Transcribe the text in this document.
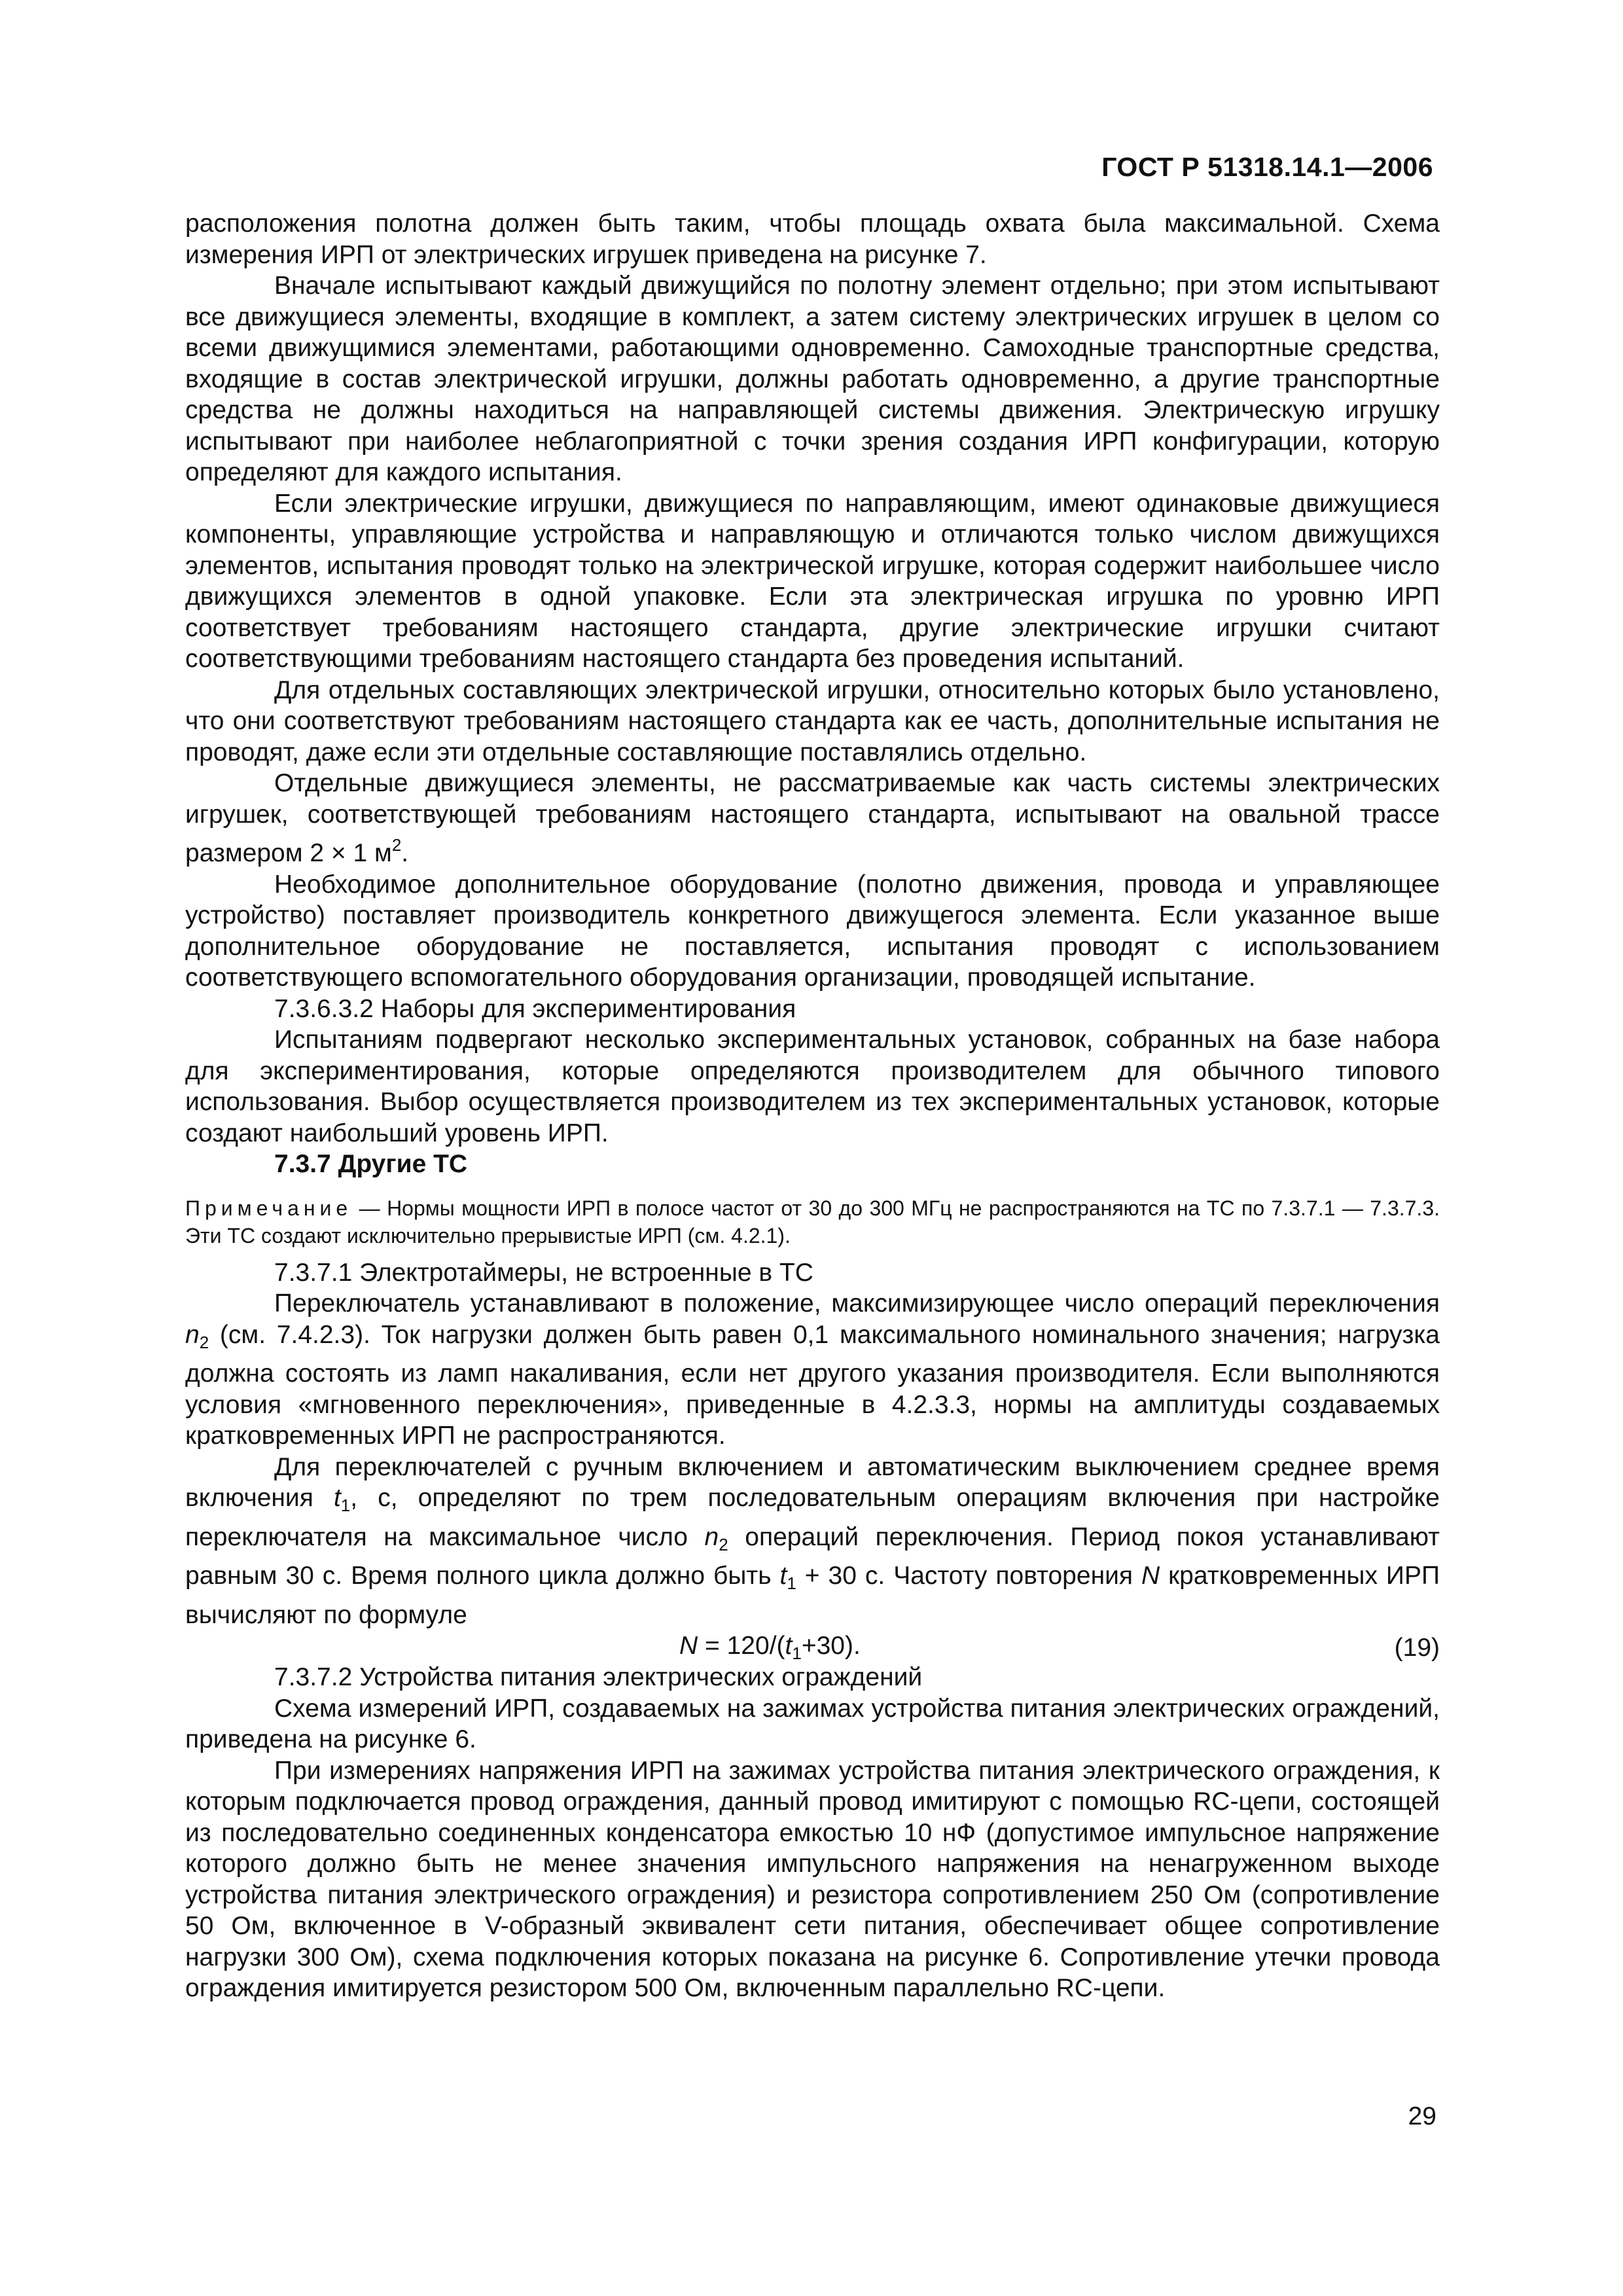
ГОСТ Р 51318.14.1—2006

расположения полотна должен быть таким, чтобы площадь охвата была максимальной. Схема измерения ИРП от электрических игрушек приведена на рисунке 7.

Вначале испытывают каждый движущийся по полотну элемент отдельно; при этом испытывают все движущиеся элементы, входящие в комплект, а затем систему электрических игрушек в целом со всеми движущимися элементами, работающими одновременно. Самоходные транспортные средства, входящие в состав электрической игрушки, должны работать одновременно, а другие транспортные средства не должны находиться на направляющей системы движения. Электрическую игрушку испытывают при наиболее неблагоприятной с точки зрения создания ИРП конфигурации, которую определяют для каждого испытания.

Если электрические игрушки, движущиеся по направляющим, имеют одинаковые движущиеся компоненты, управляющие устройства и направляющую и отличаются только числом движущихся элементов, испытания проводят только на электрической игрушке, которая содержит наибольшее число движущихся элементов в одной упаковке. Если эта электрическая игрушка по уровню ИРП соответствует требованиям настоящего стандарта, другие электрические игрушки считают соответствующими требованиям настоящего стандарта без проведения испытаний.

Для отдельных составляющих электрической игрушки, относительно которых было установлено, что они соответствуют требованиям настоящего стандарта как ее часть, дополнительные испытания не проводят, даже если эти отдельные составляющие поставлялись отдельно.

Отдельные движущиеся элементы, не рассматриваемые как часть системы электрических игрушек, соответствующей требованиям настоящего стандарта, испытывают на овальной трассе размером 2 × 1 $м^2$.

Необходимое дополнительное оборудование (полотно движения, провода и управляющее устройство) поставляет производитель конкретного движущегося элемента. Если указанное выше дополнительное оборудование не поставляется, испытания проводят с использованием соответствующего вспомогательного оборудования организации, проводящей испытание.

7.3.6.3.2 Наборы для экспериментирования

Испытаниям подвергают несколько экспериментальных установок, собранных на базе набора для экспериментирования, которые определяются производителем для обычного типового использования. Выбор осуществляется производителем из тех экспериментальных установок, которые создают наибольший уровень ИРП.

7.3.7 Другие ТС

Примечание — Нормы мощности ИРП в полосе частот от 30 до 300 МГц не распространяются на ТС по 7.3.7.1 — 7.3.7.3. Эти ТС создают исключительно прерывистые ИРП (см. 4.2.1).

7.3.7.1 Электротаймеры, не встроенные в ТС

Переключатель устанавливают в положение, максимизирующее число операций переключения $n_2$ (см. 7.4.2.3). Ток нагрузки должен быть равен 0,1 максимального номинального значения; нагрузка должна состоять из ламп накаливания, если нет другого указания производителя. Если выполняются условия «мгновенного переключения», приведенные в 4.2.3.3, нормы на амплитуды создаваемых кратковременных ИРП не распространяются.

Для переключателей с ручным включением и автоматическим выключением среднее время включения $t_1$, с, определяют по трем последовательным операциям включения при настройке переключателя на максимальное число $n_2$ операций переключения. Период покоя устанавливают равным 30 с. Время полного цикла должно быть $t_1 + 30$ с. Частоту повторения N кратковременных ИРП вычисляют по формуле

$N = 120/(t_1+30)$.	(19)

7.3.7.2 Устройства питания электрических ограждений

Схема измерений ИРП, создаваемых на зажимах устройства питания электрических ограждений, приведена на рисунке 6.

При измерениях напряжения ИРП на зажимах устройства питания электрического ограждения, к которым подключается провод ограждения, данный провод имитируют с помощью RC-цепи, состоящей из последовательно соединенных конденсатора емкостью 10 нФ (допустимое импульсное напряжение которого должно быть не менее значения импульсного напряжения на ненагруженном выходе устройства питания электрического ограждения) и резистора сопротивлением 250 Ом (сопротивление 50 Ом, включенное в V-образный эквивалент сети питания, обеспечивает общее сопротивление нагрузки 300 Ом), схема подключения которых показана на рисунке 6. Сопротивление утечки провода ограждения имитируется резистором 500 Ом, включенным параллельно RC-цепи.

29
